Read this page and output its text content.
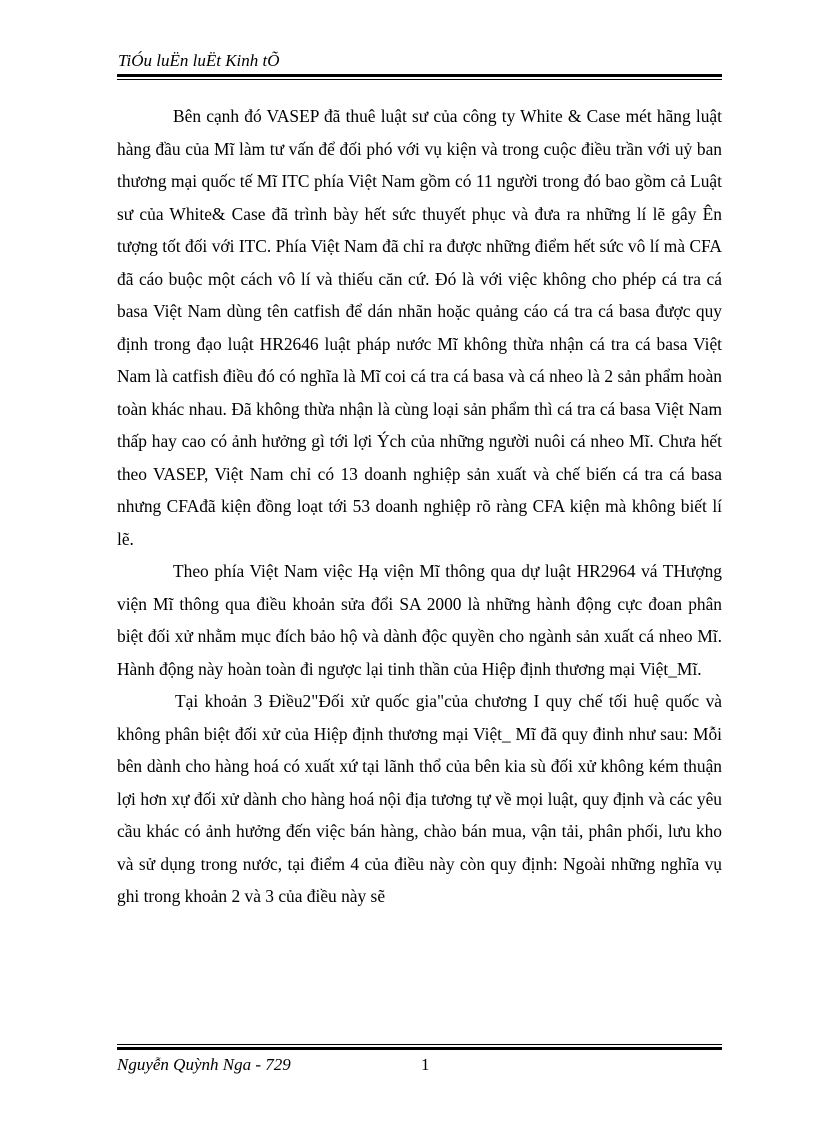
TiÓu luËn luËt Kinh tÕ

Bên cạnh đó VASEP đã thuê luật sư của công ty White & Case mét hãng luật hàng đầu của Mĩ làm tư vấn để đối phó với vụ kiện và trong cuộc điều trần với uỷ ban thương mại quốc tế Mĩ ITC phía Việt Nam gồm có 11 người trong đó bao gồm cả Luật sư của White& Case đã trình bày hết sức thuyết phục và đưa ra những lí lẽ gây Ên tượng tốt đối với ITC. Phía Việt Nam đã chỉ ra được những điểm hết sức vô lí mà CFA đã cáo buộc một cách vô lí và thiếu căn cứ. Đó là với việc không cho phép cá tra cá basa Việt Nam dùng tên catfish để dán nhãn hoặc quảng cáo cá tra cá basa được quy định trong đạo luật HR2646 luật pháp nước Mĩ không thừa nhận cá tra cá basa Việt Nam là catfish điều đó có nghĩa là Mĩ coi cá tra cá basa và cá nheo là 2 sản phẩm hoàn toàn khác nhau. Đã không thừa nhận là cùng loại sản phẩm thì cá tra cá basa Việt Nam thấp hay cao có ảnh hưởng gì tới lợi Ých của những người nuôi cá nheo Mĩ. Chưa hết theo VASEP, Việt Nam chỉ có 13 doanh nghiệp sản xuất và chế biến cá tra cá basa nhưng CFAđã kiện đồng loạt tới 53 doanh nghiệp rõ ràng CFA kiện mà không biết lí lẽ.

Theo phía Việt Nam việc Hạ viện Mĩ thông qua dự luật HR2964 vá THượng viện Mĩ thông qua điều khoản sửa đổi SA 2000 là những hành động cực đoan phân biệt đối xử nhằm mục đích bảo hộ và dành độc quyền cho ngành sản xuất cá nheo Mĩ. Hành động này hoàn toàn đi ngược lại tinh thần của Hiệp định thương mại Việt_Mĩ.

Tại khoản 3 Điều2"Đối xử quốc gia"của chương I quy chế tối huệ quốc và không phân biệt đối xử của Hiệp định thương mại Việt_ Mĩ đã quy đinh như sau: Mỗi bên dành cho hàng hoá có xuất xứ tại lãnh thổ của bên kia sù đối xử không kém thuận lợi hơn xự đối xử dành cho hàng hoá nội địa tương tự về mọi luật, quy định và các yêu cầu khác có ảnh hưởng đến việc bán hàng, chào bán mua, vận tải, phân phối, lưu kho và sử dụng trong nước, tại điểm 4 của điều này còn quy định: Ngoài những nghĩa vụ ghi trong khoản 2 và 3 của điều này sẽ

Nguyễn Quỳnh Nga - 729	1
